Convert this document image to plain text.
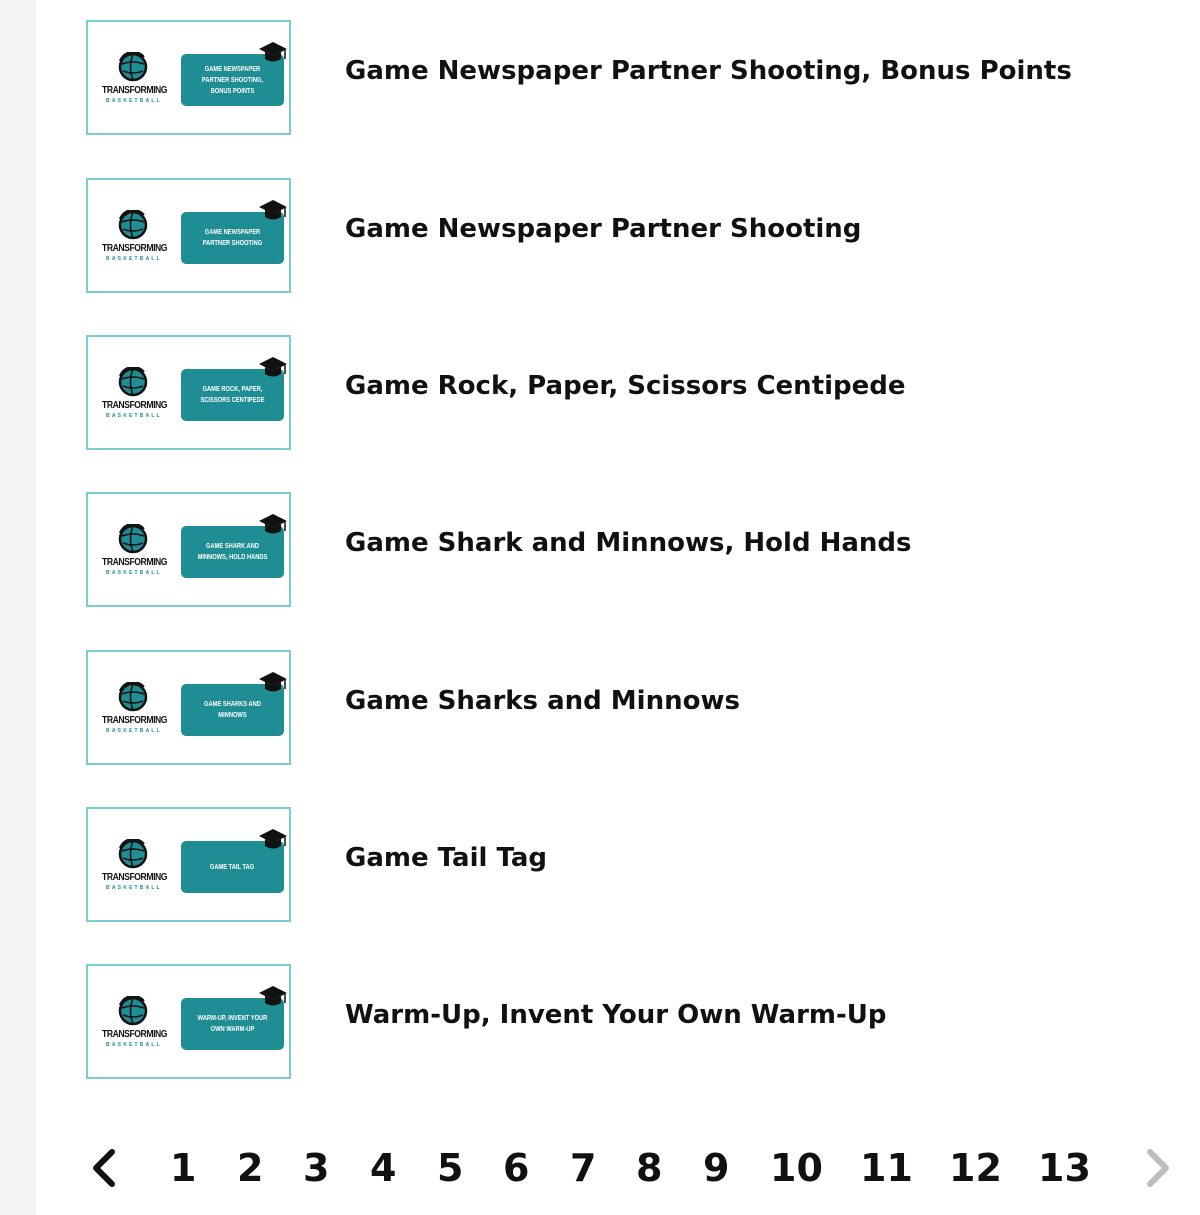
TRANSFORMING
BASKETBALL
GAME NEWSPAPER PARTNER SHOOTING, BONUS POINTS
Game Newspaper Partner Shooting, Bonus Points
TRANSFORMING
BASKETBALL
GAME NEWSPAPER PARTNER SHOOTING	Game Newspaper Partner Shooting
TRANSFORMING
BASKETBALL
GAME ROCK, PAPER, SCISSORS CENTIPEDE	Game Rock, Paper, Scissors Centipede
TRANSFORMING
BASKETBALL
GAME SHARK AND MINNOWS, HOLD HANDS	Game Shark and Minnows, Hold Hands
TRANSFORMING
BASKETBALL
GAME SHARKS AND MINNOWS	Game Sharks and Minnows
TRANSFORMING
BASKETBALL
GAME TAIL TAG	Game Tail Tag
TRANSFORMING
BASKETBALL
WARM-UP, INVENT YOUR OWN WARM-UP	Warm-Up, Invent Your Own Warm-Up
1 2 3 4 5 6 7 8 9 10 11 12 13
